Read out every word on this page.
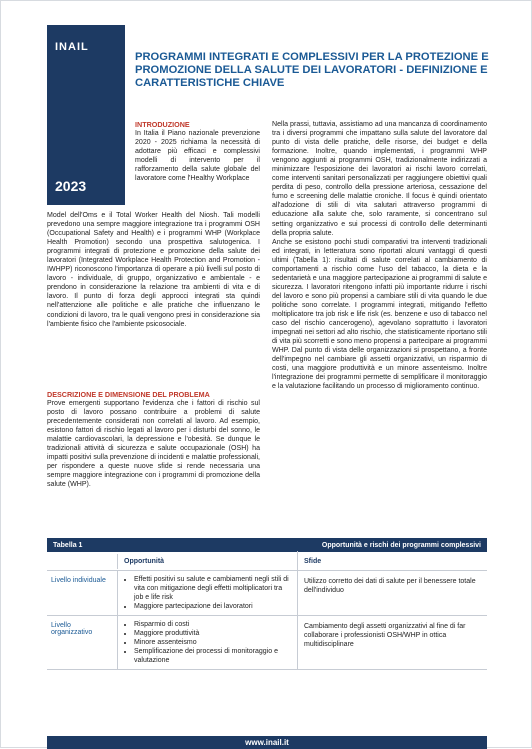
INAIL
2023
PROGRAMMI INTEGRATI E COMPLESSIVI PER LA PROTEZIONE E PROMOZIONE DELLA SALUTE DEI LAVORATORI - DEFINIZIONE E CARATTERISTICHE CHIAVE
INTRODUZIONE
In Italia il Piano nazionale prevenzione 2020 - 2025 richiama la necessità di adottare più efficaci e complessivi modelli di intervento per il rafforzamento della salute globale del lavoratore come l'Healthy Workplace
Model dell'Oms e il Total Worker Health del Niosh. Tali modelli prevedono una sempre maggiore integrazione tra i programmi OSH (Occupational Safety and Health) e i programmi WHP (Workplace Health Promotion) secondo una prospettiva salutogenica. I programmi integrati di protezione e promozione della salute dei lavoratori (Integrated Workplace Health Protection and Promotion - IWHPP) riconoscono l'importanza di operare a più livelli sul posto di lavoro - individuale, di gruppo, organizzativo e ambientale - e prendono in considerazione la relazione tra ambienti di vita e di lavoro. Il punto di forza degli approcci integrati sta quindi nell'attenzione alle politiche e alle pratiche che influenzano le condizioni di lavoro, tra le quali vengono presi in considerazione sia l'ambiente fisico che l'ambiente psicosociale.
DESCRIZIONE E DIMENSIONE DEL PROBLEMA
Prove emergenti supportano l'evidenza che i fattori di rischio sul posto di lavoro possano contribuire a problemi di salute precedentemente considerati non correlati al lavoro. Ad esempio, esistono fattori di rischio legati al lavoro per i disturbi del sonno, le malattie cardiovascolari, la depressione e l'obesità. Se dunque le tradizionali attività di sicurezza e salute occupazionale (OSH) ha impatti positivi sulla prevenzione di incidenti e malattie professionali, per rispondere a queste nuove sfide si rende necessaria una sempre maggiore integrazione con i programmi di promozione della salute (WHP).

Nella prassi, tuttavia, assistiamo ad una mancanza di coordinamento tra i diversi programmi che impattano sulla salute del lavoratore dal punto di vista delle pratiche, delle risorse, dei budget e della formazione. Inoltre, quando implementati, i programmi WHP vengono aggiunti ai programmi OSH, tradizionalmente indirizzati a minimizzare l'esposizione dei lavoratori ai rischi lavoro correlati, come interventi sanitari personalizzati per raggiungere obiettivi quali perdita di peso, controllo della pressione arteriosa, cessazione del fumo e screening delle malattie croniche. Il focus è quindi orientato all'adozione di stili di vita salutari attraverso programmi di educazione alla salute che, solo raramente, si concentrano sul setting organizzativo e sui processi di controllo delle determinanti della propria salute.

Anche se esistono pochi studi comparativi tra interventi tradizionali ed integrati, in letteratura sono riportati alcuni vantaggi di questi ultimi (Tabella 1): risultati di salute correlati al cambiamento di comportamenti a rischio come l'uso del tabacco, la dieta e la sedentarietà e una maggiore partecipazione ai programmi di salute e sicurezza. I lavoratori ritengono infatti più importante ridurre i rischi del lavoro e sono più propensi a cambiare stili di vita quando le due politiche sono correlate. I programmi integrati, mitigando l'effetto moltiplicatore tra job risk e life risk (es. benzene e uso di tabacco nel caso del rischio cancerogeno), agevolano soprattutto i lavoratori impegnati nei settori ad alto rischio, che statisticamente riportano stili di vita più scorretti e sono meno propensi a partecipare ai programmi WHP. Dal punto di vista delle organizzazioni si prospettano, a fronte dell'impegno nel cambiare gli assetti organizzativi, un risparmio di costi, una maggiore produttività e un minore assenteismo. Inoltre l'integrazione dei programmi permette di semplificare il monitoraggio e la valutazione facilitando un processo di miglioramento continuo.

Tabella 1	Opportunità e rischi dei programmi complessivi
Opportunità	Sfide
Livello individuale
•	Effetti positivi su salute e cambiamenti negli stili di vita con mitigazione degli effetti moltiplicatori tra job e life risk
• Maggiore partecipazione dei lavoratori
Utilizzo corretto dei dati di salute per il benessere totale dell'individuo
Livello organizzativo
• Risparmio di costi
• Maggiore produttività
• Minore assenteismo
• Semplificazione dei processi di monitoraggio e valutazione
Cambiamento degli assetti organizzativi al fine di far collaborare i professionisti OSH/WHP in ottica multidisciplinare
www.inail.it
